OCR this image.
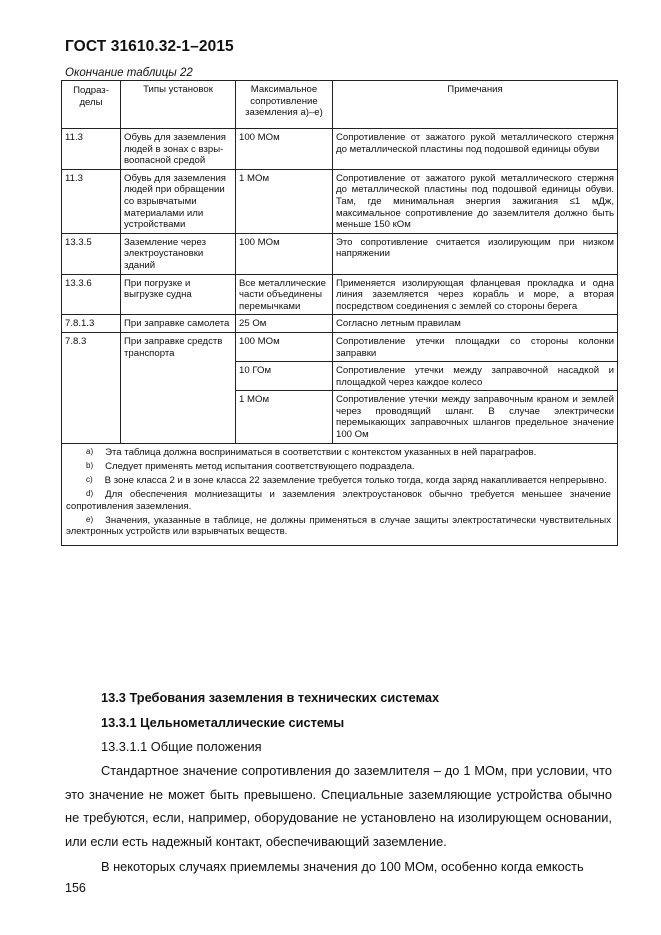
ГОСТ 31610.32-1–2015
Окончание таблицы 22
Подраз-
делы	Типы установок	Максимальное сопротивление заземления а)–е)	Примечания
11.3	Обувь для заземления людей в зонах с взры-воопасной средой	100 МОм	Сопротивление от зажатого рукой металлического стержня до металлической пластины под подошвой единицы обуви
11.3	Обувь для заземления людей при обращении со взрывчатыми материалами или устройствами	1 МОм	Сопротивление от зажатого рукой металлического стержня до металлической пластины под подошвой единицы обуви. Там, где минимальная энергия зажигания ≤1 мДж, максимальное сопротивление до заземлителя должно быть меньше 150 кОм
13.3.5	Заземление через электроустановки зданий	100 МОм	Это сопротивление считается изолирующим при низком напряжении
13.3.6	При погрузке и выгрузке судна	Все металлические части объединены перемычками	Применяется изолирующая фланцевая прокладка и одна линия заземляется через корабль и море, а вторая посредством соединения с землей со стороны берега
7.8.1.3	При заправке самолета	25 Ом	Согласно летным правилам
7.8.3	При заправке средств транспорта	100 МОм	Сопротивление утечки площадки со стороны колонки заправки
		10 ГОм	Сопротивление утечки между заправочной насадкой и площадкой через каждое колесо
		1 МОм	Сопротивление утечки между заправочным краном и землей через проводящий шланг. В случае электрически перемыкающих заправочных шлангов предельное значение 100 Ом

$^{a)}$ Эта таблица должна восприниматься в соответствии с контекстом указанных в ней параграфов.
$^{b)}$ Следует применять метод испытания соответствующего подраздела.
$^{c)}$ В зоне класса 2 и в зоне класса 22 заземление требуется только тогда, когда заряд накапливается непрерывно.
$^{d)}$ Для обеспечения молниезащиты и заземления электроустановок обычно требуется меньшее значение сопротивления заземления.
$^{e)}$ Значения, указанные в таблице, не должны применяться в случае защиты электростатически чувствительных электронных устройств или взрывчатых веществ.			
13.3 Требования заземления в технических системах
13.3.1 Цельнометаллические системы
13.3.1.1 Общие положения
Стандартное значение сопротивления до заземлителя – до 1 МОм, при условии, что это значение не может быть превышено. Специальные заземляющие устройства обычно не требуются, если, например, оборудование не установлено на изолирующем основании, или если есть надежный контакт, обеспечивающий заземление.
В некоторых случаях приемлемы значения до 100 МОм, особенно когда емкость
156
